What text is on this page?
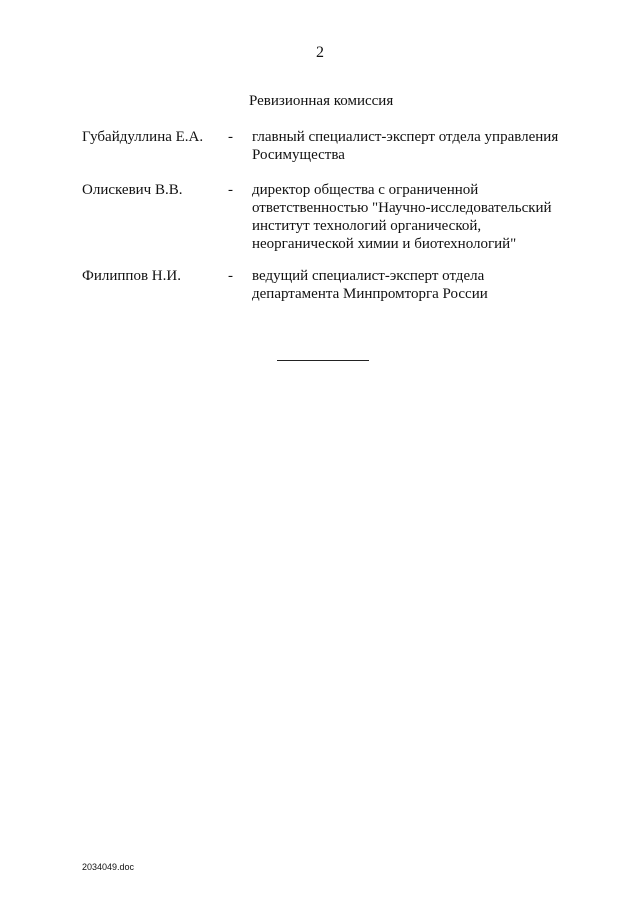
2
Ревизионная комиссия
Губайдуллина Е.А. - главный специалист-эксперт отдела управления
Росимущества
Олискевич В.В.	- директор общества с ограниченной
ответственностью "Научно-исследовательский
институт технологий органической,
неорганической химии и биотехнологий"
Филиппов Н.И.	- ведущий специалист-эксперт отдела
департамента Минпромторга России
2034049.doc
